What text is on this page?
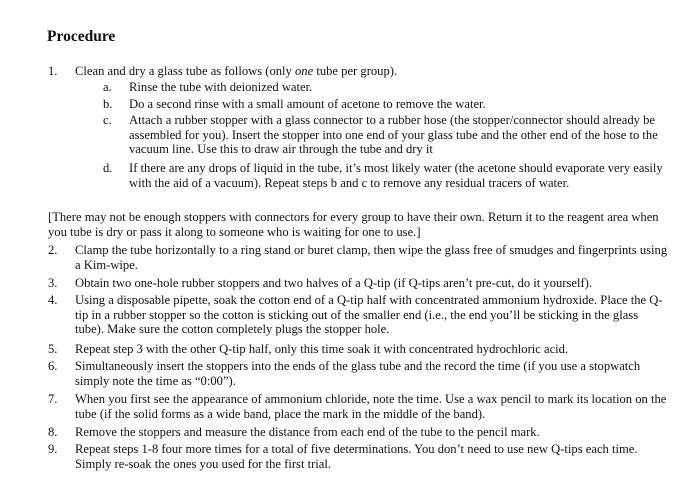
Procedure
1. Clean and dry a glass tube as follows (only one tube per group).
a. Rinse the tube with deionized water.
b. Do a second rinse with a small amount of acetone to remove the water.
c. Attach a rubber stopper with a glass connector to a rubber hose (the stopper/connector should already be assembled for you). Insert the stopper into one end of your glass tube and the other end of the hose to the vacuum line. Use this to draw air through the tube and dry it
d. If there are any drops of liquid in the tube, it’s most likely water (the acetone should evaporate very easily with the aid of a vacuum). Repeat steps b and c to remove any residual tracers of water.
[There may not be enough stoppers with connectors for every group to have their own. Return it to the reagent area when you tube is dry or pass it along to someone who is waiting for one to use.]
2. Clamp the tube horizontally to a ring stand or buret clamp, then wipe the glass free of smudges and fingerprints using a Kim-wipe.
3. Obtain two one-hole rubber stoppers and two halves of a Q-tip (if Q-tips aren’t pre-cut, do it yourself).
4. Using a disposable pipette, soak the cotton end of a Q-tip half with concentrated ammonium hydroxide. Place the Q-tip in a rubber stopper so the cotton is sticking out of the smaller end (i.e., the end you’ll be sticking in the glass tube). Make sure the cotton completely plugs the stopper hole.
5. Repeat step 3 with the other Q-tip half, only this time soak it with concentrated hydrochloric acid.
6. Simultaneously insert the stoppers into the ends of the glass tube and the record the time (if you use a stopwatch simply note the time as “0:00”).
7. When you first see the appearance of ammonium chloride, note the time. Use a wax pencil to mark its location on the tube (if the solid forms as a wide band, place the mark in the middle of the band).
8. Remove the stoppers and measure the distance from each end of the tube to the pencil mark.
9. Repeat steps 1-8 four more times for a total of five determinations. You don’t need to use new Q-tips each time. Simply re-soak the ones you used for the first trial.
